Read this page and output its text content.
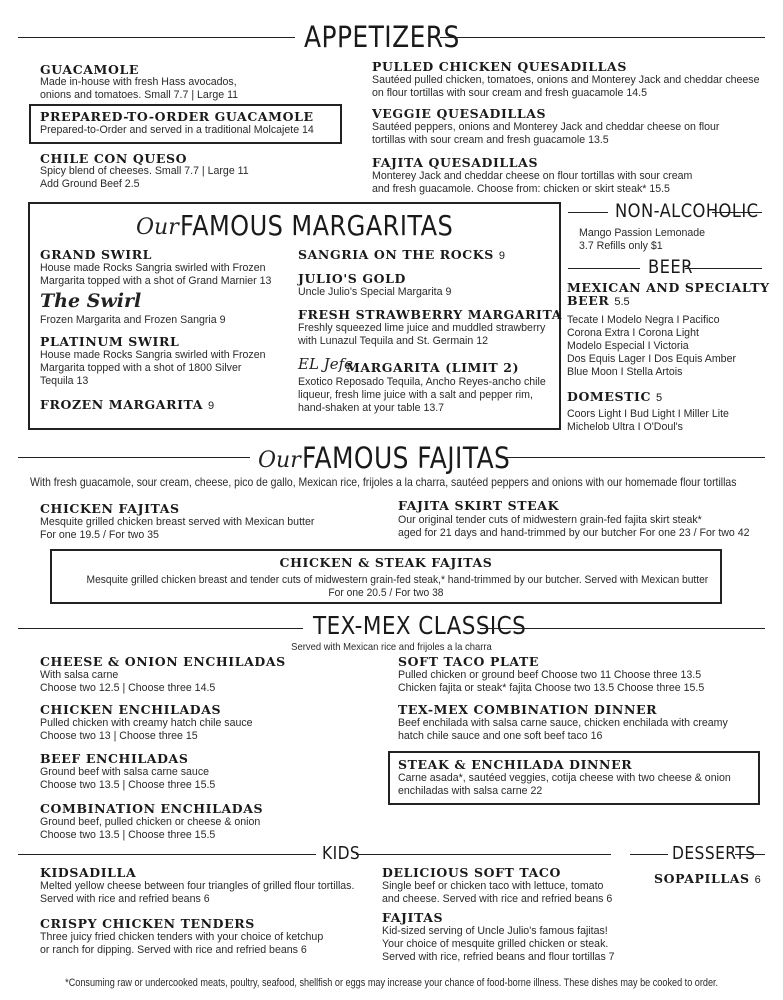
APPETIZERS
GUACAMOLE
Made in-house with fresh Hass avocados,
onions and tomatoes. Small 7.7 | Large 11
PREPARED-TO-ORDER GUACAMOLE
Prepared-to-Order and served in a traditional Molcajete 14
CHILE CON QUESO
Spicy blend of cheeses. Small 7.7 | Large 11
Add Ground Beef 2.5
PULLED CHICKEN QUESADILLAS
Sautéed pulled chicken, tomatoes, onions and Monterey Jack and cheddar cheese
on flour tortillas with sour cream and fresh guacamole 14.5
VEGGIE QUESADILLAS
Sautéed peppers, onions and Monterey Jack and cheddar cheese on flour
tortillas with sour cream and fresh guacamole 13.5
FAJITA QUESADILLAS
Monterey Jack and cheddar cheese on flour tortillas with sour cream
and fresh guacamole. Choose from: chicken or skirt steak* 15.5
Our FAMOUS MARGARITAS
GRAND SWIRL
House made Rocks Sangria swirled with Frozen
Margarita topped with a shot of Grand Marnier 13
The Swirl
Frozen Margarita and Frozen Sangria 9
PLATINUM SWIRL
House made Rocks Sangria swirled with Frozen
Margarita topped with a shot of 1800 Silver
Tequila 13
FROZEN MARGARITA 9
SANGRIA ON THE ROCKS 9
JULIO'S GOLD
Uncle Julio's Special Margarita 9
FRESH STRAWBERRY MARGARITA
Freshly squeezed lime juice and muddled strawberry
with Lunazul Tequila and St. Germain 12
EL Jefe
MARGARITA (LIMIT 2)
Exotico Reposado Tequila, Ancho Reyes-ancho chile
liqueur, fresh lime juice with a salt and pepper rim,
hand-shaken at your table 13.7
NON-ALCOHOLIC
Mango Passion Lemonade
3.7 Refills only $1
BEER
MEXICAN AND SPECIALTY
BEER 5.5
Tecate I Modelo Negra I Pacifico
Corona Extra I Corona Light
Modelo Especial I Victoria
Dos Equis Lager I Dos Equis Amber
Blue Moon I Stella Artois
DOMESTIC 5
Coors Light I Bud Light I Miller Lite
Michelob Ultra I O'Doul's
Our FAMOUS FAJITAS
With fresh guacamole, sour cream, cheese, pico de gallo, Mexican rice, frijoles a la charra, sautéed peppers and onions with our homemade flour tortillas
CHICKEN FAJITAS
Mesquite grilled chicken breast served with Mexican butter
For one 19.5 / For two 35
FAJITA SKIRT STEAK
Our original tender cuts of midwestern grain-fed fajita skirt steak*
aged for 21 days and hand-trimmed by our butcher For one 23 / For two 42
CHICKEN & STEAK FAJITAS
Mesquite grilled chicken breast and tender cuts of midwestern grain-fed steak,* hand-trimmed by our butcher. Served with Mexican butter
For one 20.5 / For two 38
TEX-MEX CLASSICS
Served with Mexican rice and frijoles a la charra
CHEESE & ONION ENCHILADAS
With salsa carne
Choose two 12.5 | Choose three 14.5
CHICKEN ENCHILADAS
Pulled chicken with creamy hatch chile sauce
Choose two 13 | Choose three 15
BEEF ENCHILADAS
Ground beef with salsa carne sauce
Choose two 13.5 | Choose three 15.5
COMBINATION ENCHILADAS
Ground beef, pulled chicken or cheese & onion
Choose two 13.5 | Choose three 15.5
SOFT TACO PLATE
Pulled chicken or ground beef Choose two 11 Choose three 13.5
Chicken fajita or steak* fajita Choose two 13.5 Choose three 15.5
TEX-MEX COMBINATION DINNER
Beef enchilada with salsa carne sauce, chicken enchilada with creamy
hatch chile sauce and one soft beef taco 16
STEAK & ENCHILADA DINNER
Carne asada*, sautéed veggies, cotija cheese with two cheese & onion
enchiladas with salsa carne 22
KIDS
KIDSADILLA
Melted yellow cheese between four triangles of grilled flour tortillas.
Served with rice and refried beans 6
CRISPY CHICKEN TENDERS
Three juicy fried chicken tenders with your choice of ketchup
or ranch for dipping. Served with rice and refried beans 6
DELICIOUS SOFT TACO
Single beef or chicken taco with lettuce, tomato
and cheese. Served with rice and refried beans 6
FAJITAS
Kid-sized serving of Uncle Julio's famous fajitas!
Your choice of mesquite grilled chicken or steak.
Served with rice, refried beans and flour tortillas 7
DESSERTS
SOPAPILLAS 6
*Consuming raw or undercooked meats, poultry, seafood, shellfish or eggs may increase your chance of food-borne illness. These dishes may be cooked to order.
